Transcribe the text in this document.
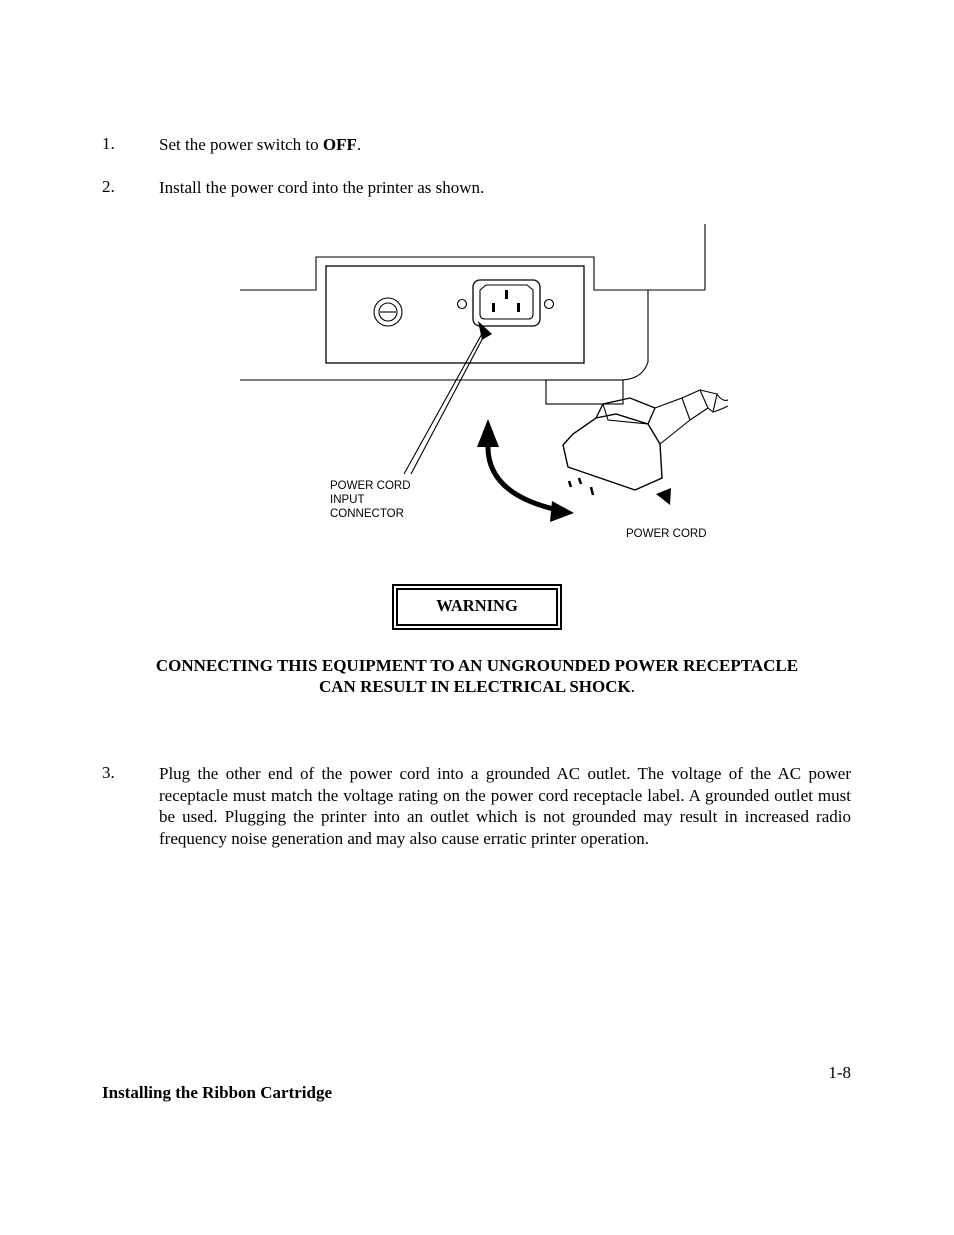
1.	Set the power switch to OFF.
2.	Install the power cord into the printer as shown.
POWER CORD
INPUT
CONNECTOR
POWER CORD
WARNING
CONNECTING THIS EQUIPMENT TO AN UNGROUNDED POWER RECEPTACLE CAN RESULT IN ELECTRICAL SHOCK.
3.	Plug the other end of the power cord into a grounded AC outlet. The voltage of the AC power receptacle must match the voltage rating on the power cord receptacle label. A grounded outlet must be used. Plugging the printer into an outlet which is not grounded may result in increased radio frequency noise generation and may also cause erratic printer operation.
1-8
Installing the Ribbon Cartridge
